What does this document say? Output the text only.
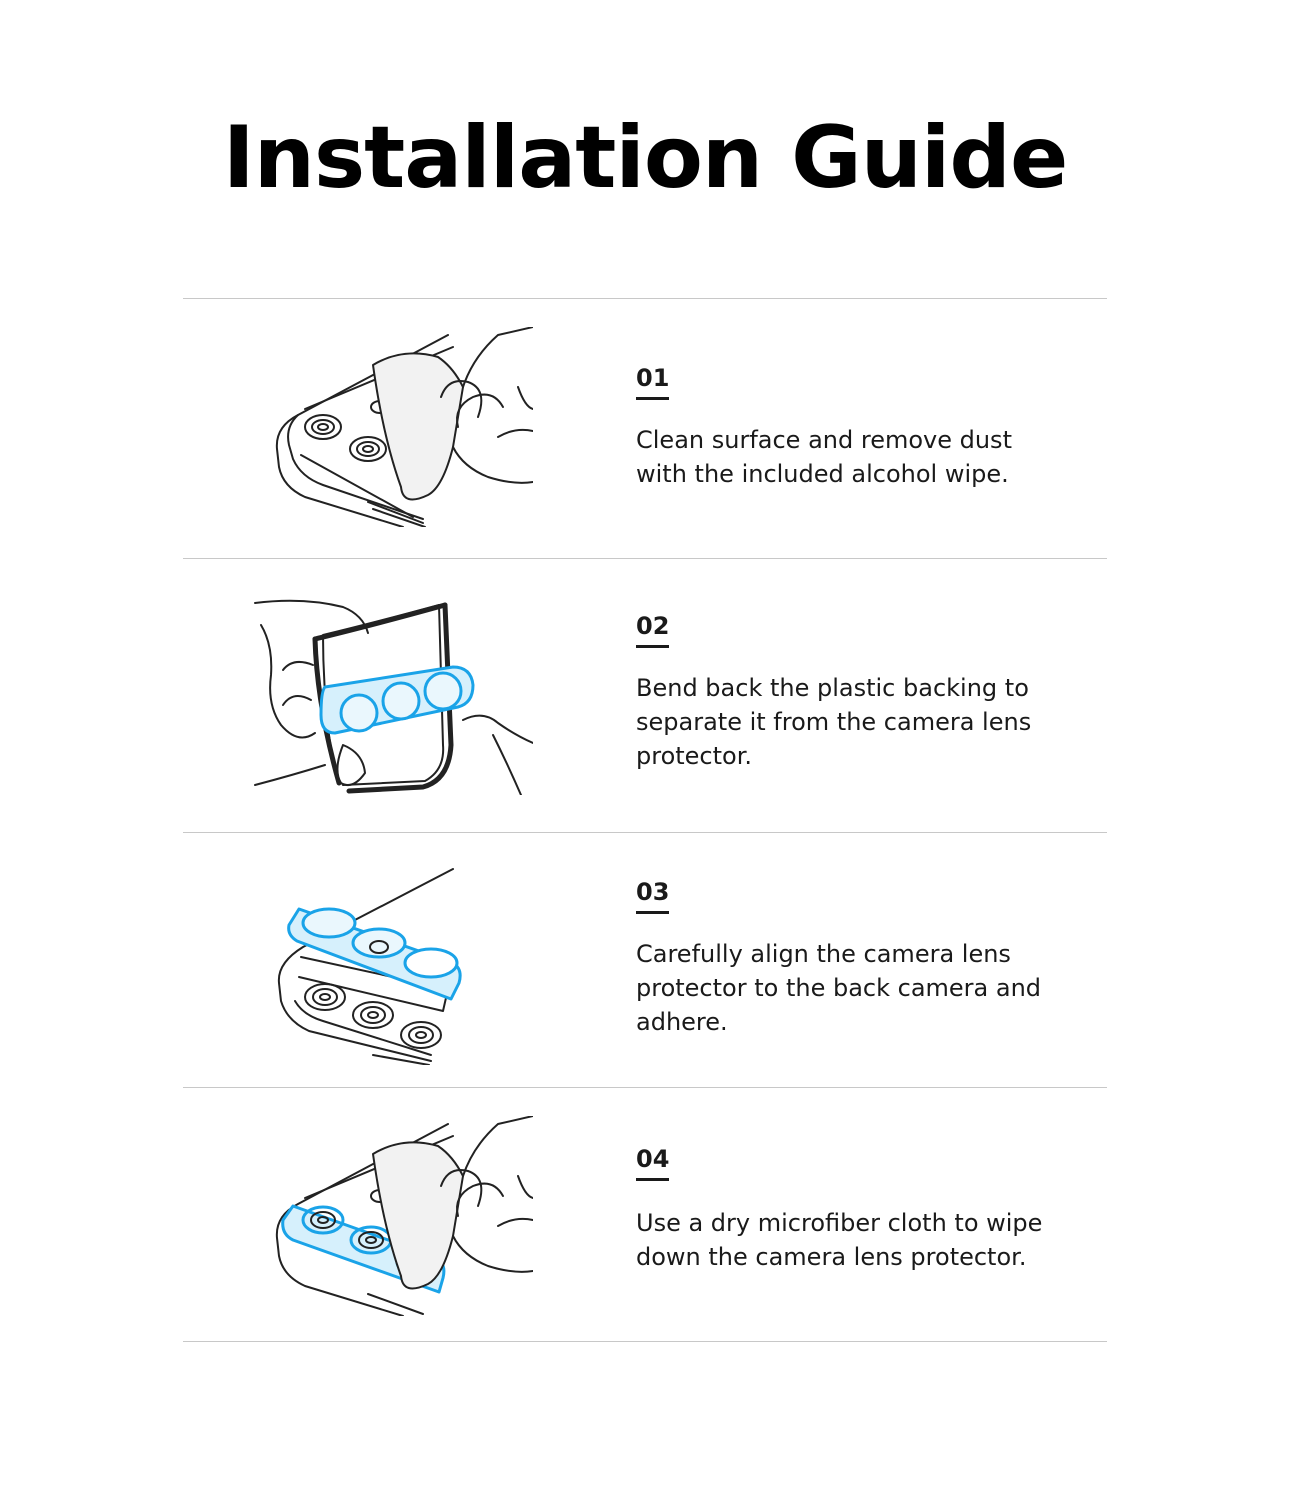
Installation Guide
01

Clean surface and remove dust with the included alcohol wipe.

02

Bend back the plastic backing to separate it from the camera lens protector.

03

Carefully align the camera lens protector to the back camera and adhere.

04

Use a dry microfiber cloth to wipe down the camera lens protector.
